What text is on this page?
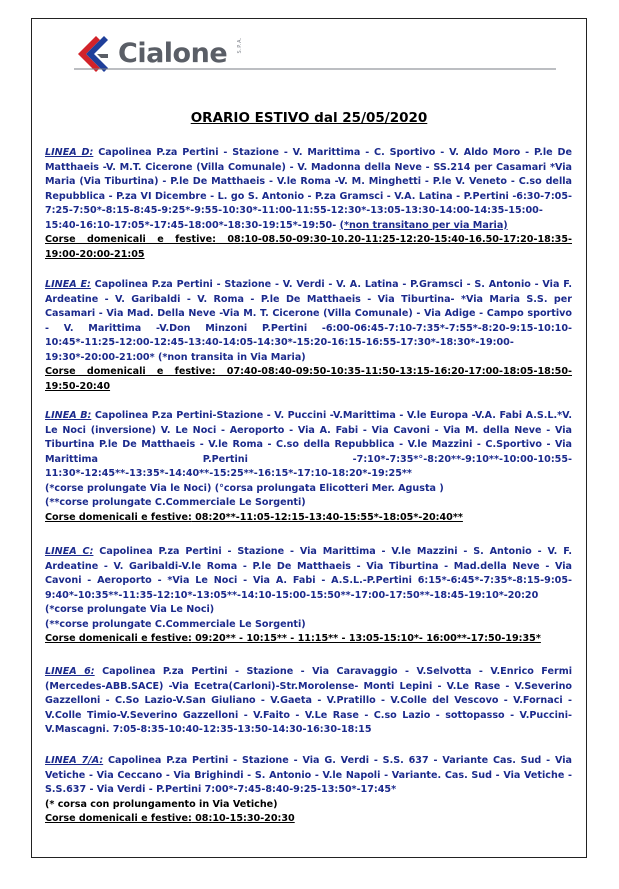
Cialone S.P.A.
ORARIO ESTIVO dal 25/05/2020

LINEA D: Capolinea P.za Pertini - Stazione - V. Marittima - C. Sportivo - V. Aldo Moro - P.le De Matthaeis -V. M.T. Cicerone (Villa Comunale) - V. Madonna della Neve - SS.214 per Casamari *Via Maria (Via Tiburtina) - P.le De Matthaeis - V.le Roma -V. M. Minghetti - P.le V. Veneto - C.so della Repubblica - P.za VI Dicembre - L. go S. Antonio - P.za Gramsci - V.A. Latina - P.Pertini -6:30-7:05-7:25-7:50*-8:15-8:45-9:25*-9:55-10:30*-11:00-11:55-12:30*-13:05-13:30-14:00-14:35-15:00-15:40-16:10-17:05*-17:45-18:00*-18:30-19:15*-19:50- (*non transitano per via Maria)

Corse domenicali e festive: 08:10-08.50-09:30-10.20-11:25-12:20-15:40-16.50-17:20-18:35-19:00-20:00-21:05

LINEA E: Capolinea P.za Pertini - Stazione - V. Verdi - V. A. Latina - P.Gramsci - S. Antonio - Via F. Ardeatine - V. Garibaldi - V. Roma - P.le De Matthaeis - Via Tiburtina- *Via Maria S.S. per Casamari - Via Mad. Della Neve -Via M. T. Cicerone (Villa Comunale) - Via Adige - Campo sportivo - V. Marittima -V.Don Minzoni P.Pertini -6:00-06:45-7:10-7:35*-7:55*-8:20-9:15-10:10-10:45*-11:25-12:00-12:45-13:40-14:05-14:30*-15:20-16:15-16:55-17:30*-18:30*-19:00-19:30*-20:00-21:00* (*non transita in Via Maria)

Corse domenicali e festive: 07:40-08:40-09:50-10:35-11:50-13:15-16:20-17:00-18:05-18:50-19:50-20:40

LINEA B: Capolinea P.za Pertini-Stazione - V. Puccini -V.Marittima - V.le Europa -V.A. Fabi A.S.L.*V. Le Noci (inversione) V. Le Noci - Aeroporto - Via A. Fabi - Via Cavoni - Via M. della Neve - Via Tiburtina P.le De Matthaeis - V.le Roma - C.so della Repubblica - V.le Mazzini - C.Sportivo - Via Marittima P.Pertini -7:10*-7:35*°-8:20**-9:10**-10:00-10:55-11:30*-12:45**-13:35*-14:40**-15:25**-16:15*-17:10-18:20*-19:25**

(*corse prolungate Via le Noci) (°corsa prolungata Elicotteri Mer. Agusta )

(**corse prolungate C.Commerciale Le Sorgenti)

Corse domenicali e festive: 08:20**-11:05-12:15-13:40-15:55*-18:05*-20:40**

LINEA C: Capolinea P.za Pertini - Stazione - Via Marittima - V.le Mazzini - S. Antonio - V. F. Ardeatine - V. Garibaldi-V.le Roma - P.le De Matthaeis - Via Tiburtina - Mad.della Neve - Via Cavoni - Aeroporto - *Via Le Noci - Via A. Fabi - A.S.L.-P.Pertini 6:15*-6:45*-7:35*-8:15-9:05-9:40*-10:35**-11:35-12:10*-13:05**-14:10-15:00-15:50**-17:00-17:50**-18:45-19:10*-20:20 (*corse prolungate Via Le Noci)

(**corse prolungate C.Commerciale Le Sorgenti)

Corse domenicali e festive: 09:20** - 10:15** - 11:15** - 13:05-15:10*- 16:00**-17:50-19:35*

LINEA 6: Capolinea P.za Pertini - Stazione - Via Caravaggio - V.Selvotta - V.Enrico Fermi (Mercedes-ABB.SACE) -Via Ecetra(Carloni)-Str.Morolense- Monti Lepini - V.Le Rase - V.Severino Gazzelloni - C.So Lazio-V.San Giuliano - V.Gaeta - V.Pratillo - V.Colle del Vescovo - V.Fornaci - V.Colle Timio-V.Severino Gazzelloni - V.Faito - V.Le Rase - C.so Lazio - sottopasso - V.Puccini-V.Mascagni. 7:05-8:35-10:40-12:35-13:50-14:30-16:30-18:15

LINEA 7/A: Capolinea P.za Pertini - Stazione - Via G. Verdi - S.S. 637 - Variante Cas. Sud - Via Vetiche - Via Ceccano - Via Brighindi - S. Antonio - V.le Napoli - Variante. Cas. Sud - Via Vetiche - S.S.637 - Via Verdi - P.Pertini 7:00*-7:45-8:40-9:25-13:50*-17:45*

(* corsa con prolungamento in Via Vetiche)

Corse domenicali e festive: 08:10-15:30-20:30
